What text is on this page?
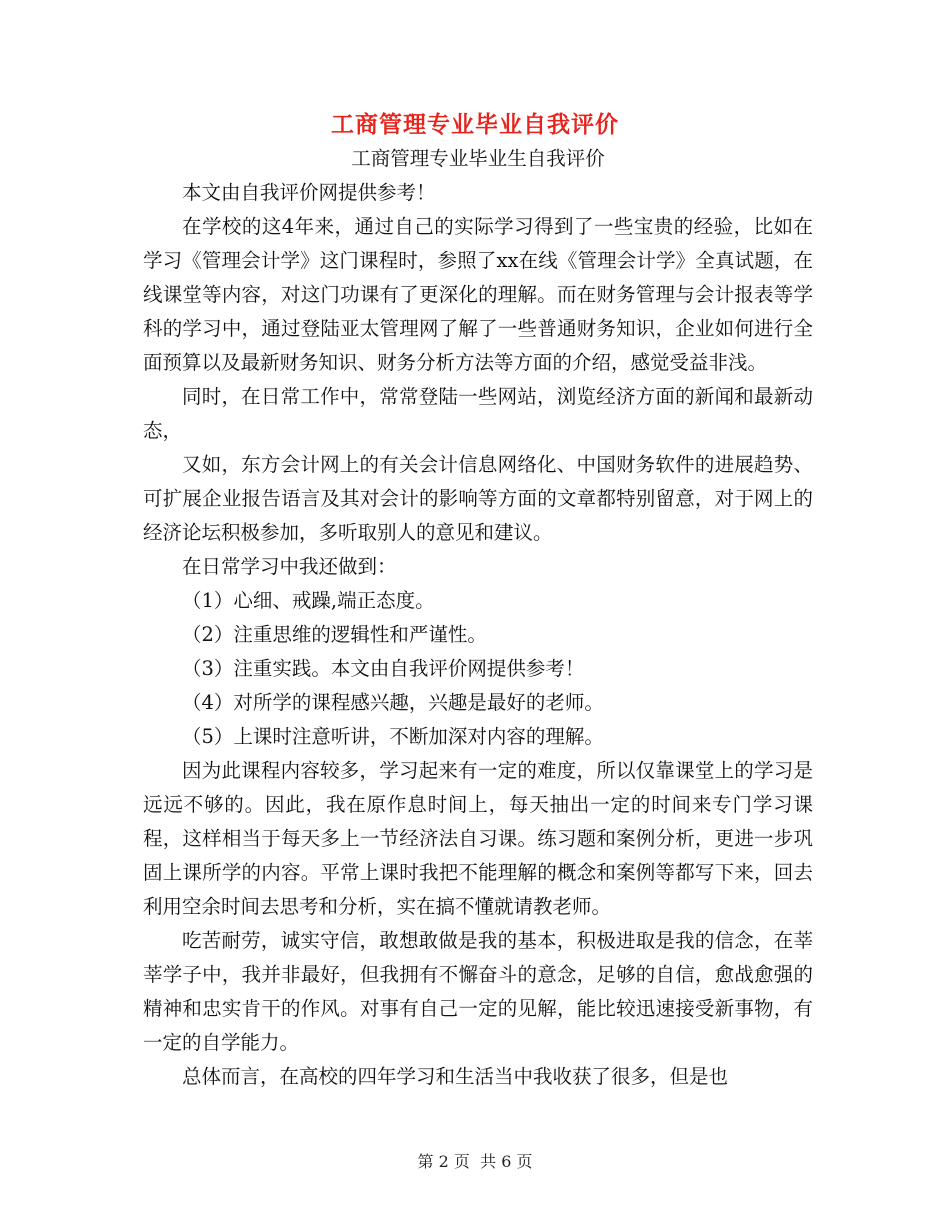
工商管理专业毕业自我评价

工商管理专业毕业生自我评价

本文由自我评价网提供参考！

在学校的这4年来，通过自己的实际学习得到了一些宝贵的经验，比如在学习《管理会计学》这门课程时，参照了xx在线《管理会计学》全真试题，在线课堂等内容，对这门功课有了更深化的理解。而在财务管理与会计报表等学科的学习中，通过登陆亚太管理网了解了一些普通财务知识，企业如何进行全面预算以及最新财务知识、财务分析方法等方面的介绍，感觉受益非浅。

同时，在日常工作中，常常登陆一些网站，浏览经济方面的新闻和最新动态，

又如，东方会计网上的有关会计信息网络化、中国财务软件的进展趋势、可扩展企业报告语言及其对会计的影响等方面的文章都特别留意，对于网上的经济论坛积极参加，多听取别人的意见和建议。

在日常学习中我还做到：

（1）心细、戒躁,端正态度。

（2）注重思维的逻辑性和严谨性。

（3）注重实践。本文由自我评价网提供参考！

（4）对所学的课程感兴趣，兴趣是最好的老师。

（5）上课时注意听讲，不断加深对内容的理解。

因为此课程内容较多，学习起来有一定的难度，所以仅靠课堂上的学习是远远不够的。因此，我在原作息时间上，每天抽出一定的时间来专门学习课程，这样相当于每天多上一节经济法自习课。练习题和案例分析，更进一步巩固上课所学的内容。平常上课时我把不能理解的概念和案例等都写下来，回去利用空余时间去思考和分析，实在搞不懂就请教老师。

吃苦耐劳，诚实守信，敢想敢做是我的基本，积极进取是我的信念，在莘莘学子中，我并非最好，但我拥有不懈奋斗的意念，足够的自信，愈战愈强的精神和忠实肯干的作风。对事有自己一定的见解，能比较迅速接受新事物，有一定的自学能力。

总体而言，在高校的四年学习和生活当中我收获了很多，但是也

第 2 页  共 6 页
